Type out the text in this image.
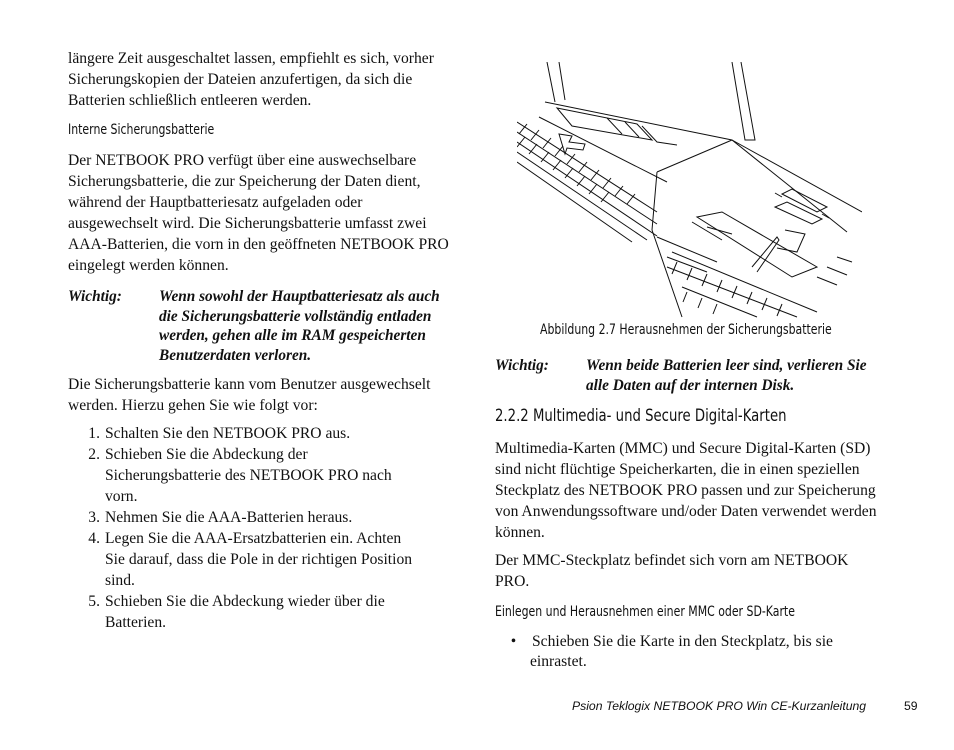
längere Zeit ausgeschaltet lassen, empfiehlt es sich, vorher

Sicherungskopien der Dateien anzufertigen, da sich die

Batterien schließlich entleeren werden.

Interne Sicherungsbatterie

Der NETBOOK PRO verfügt über eine auswechselbare

Sicherungsbatterie, die zur Speicherung der Daten dient,

während der Hauptbatteriesatz aufgeladen oder

ausgewechselt wird. Die Sicherungsbatterie umfasst zwei

AAA-Batterien, die vorn in den geöffneten NETBOOK PRO

eingelegt werden können.

Wichtig:	Wenn sowohl der Hauptbatteriesatz als auch
die Sicherungsbatterie vollständig entladen
werden, gehen alle im RAM gespeicherten
Benutzerdaten verloren.

Die Sicherungsbatterie kann vom Benutzer ausgewechselt

werden. Hierzu gehen Sie wie folgt vor:

1. Schalten Sie den NETBOOK PRO aus.
2. Schieben Sie die Abdeckung der
Sicherungsbatterie des NETBOOK PRO nach
vorn.
3. Nehmen Sie die AAA-Batterien heraus.
4. Legen Sie die AAA-Ersatzbatterien ein. Achten
Sie darauf, dass die Pole in der richtigen Position
sind.
5. Schieben Sie die Abdeckung wieder über die
Batterien.
Abbildung 2.7 Herausnehmen der Sicherungsbatterie
Wichtig:	Wenn beide Batterien leer sind, verlieren Sie
alle Daten auf der internen Disk.
2.2.2 Multimedia- und Secure Digital-Karten

Multimedia-Karten (MMC) und Secure Digital-Karten (SD)

sind nicht flüchtige Speicherkarten, die in einen speziellen

Steckplatz des NETBOOK PRO passen und zur Speicherung

von Anwendungssoftware und/oder Daten verwendet werden

können.

Der MMC-Steckplatz befindet sich vorn am NETBOOK

PRO.

Einlegen und Herausnehmen einer MMC oder SD-Karte
•	Schieben Sie die Karte in den Steckplatz, bis sie
einrastet.
Psion Teklogix NETBOOK PRO Win CE-Kurzanleitung	59
